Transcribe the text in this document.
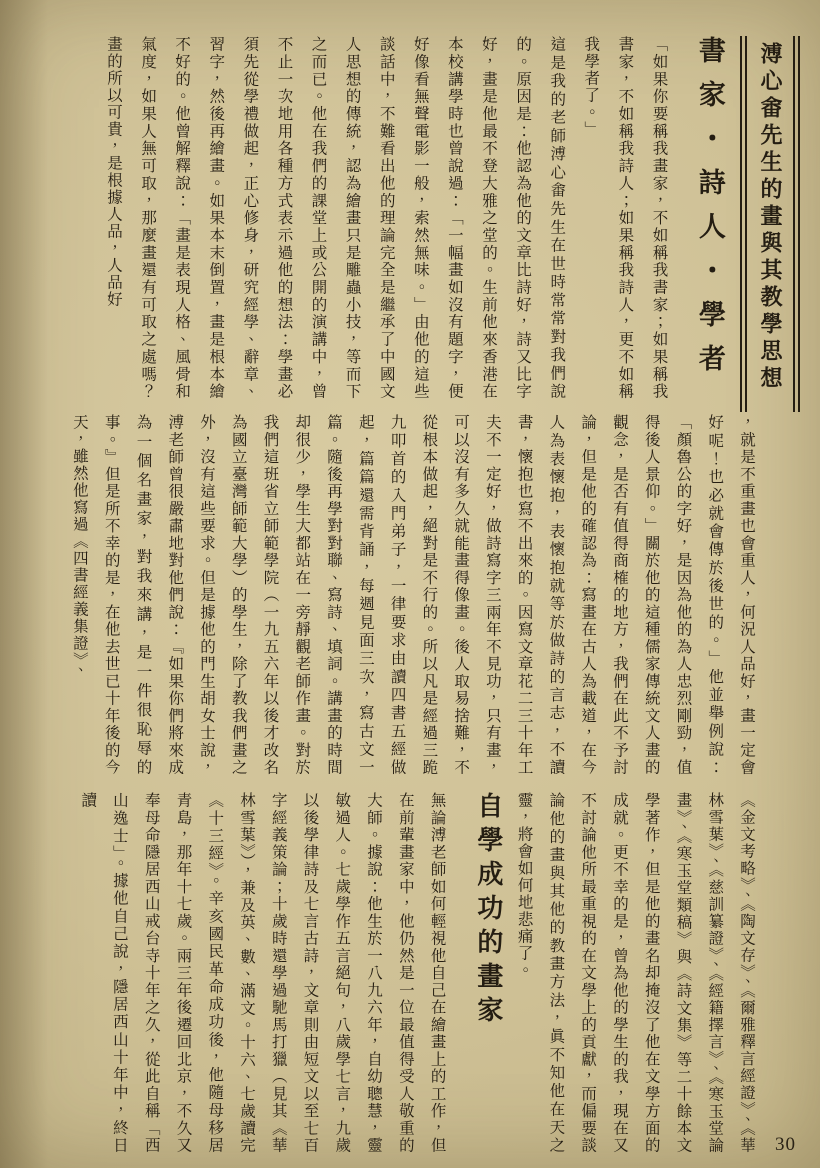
溥心畬先生的畫與其教學思想
書家・詩人・學者

「如果你要稱我畫家，不如稱我書家；如果稱我書家，不如稱我詩人；如果稱我詩人，更不如稱我學者了。」

這是我的老師溥心畬先生在世時常常對我們說的。原因是：他認為他的文章比詩好，詩又比字好，畫是他最不登大雅之堂的。生前他來香港在本校講學時也曾說過：「一幅畫如沒有題字，便好像看無聲電影一般，索然無味。」由他的這些談話中，不難看出他的理論完全是繼承了中國文人思想的傳統，認為繪畫只是雕蟲小技，等而下之而已。他在我們的課堂上或公開的演講中，曾不止一次地用各種方式表示過他的想法：學畫必須先從學禮做起，正心修身，研究經學、辭章、習字，然後再繪畫。如果本末倒置，畫是根本繪不好的。他曾解釋說：「畫是表現人格、風骨和氣度，如果人無可取，那麼畫還有可取之處嗎？畫的所以可貴，是根據人品，人品好

，就是不重畫也會重人，何況人品好，畫一定會好呢！也必就會傳於後世的。」他並舉例說：「顏魯公的字好，是因為他的為人忠烈剛勁，值得後人景仰。」關於他的這種儒家傳統文人畫的觀念，是否有值得商榷的地方，我們在此不予討論，但是他的確認為：寫畫在古人為載道，在今人為表懷抱，表懷抱就等於做詩的言志，不讀書，懷抱也寫不出來的。因寫文章花二三十年工夫不一定好，做詩寫字三兩年不見功，只有畫，可以沒有多久就能畫得像畫。後人取易捨難，不從根本做起，絕對是不行的。所以凡是經過三跪九叩首的入門弟子，一律要求由讀四書五經做起，篇篇還需背誦，每週見面三次，寫古文一篇。隨後再學對對聯、寫詩、填詞。講畫的時間却很少，學生大都站在一旁靜觀老師作畫。對於我們這班省立師範學院（一九五六年以後才改名為國立臺灣師範大學）的學生，除了教我們畫之外，沒有這些要求。但是據他的門生胡女士說，溥老師曾很嚴肅地對他們說：『如果你們將來成為一個名畫家，對我來講，是一件很恥辱的事。』但是所不幸的是，在他去世已十年後的今天，雖然他寫過《四書經義集證》、

《金文考略》、《陶文存》、《爾雅釋言經證》、《華林雪葉》、《慈訓纂證》、《經籍擇言》、《寒玉堂論畫》、《寒玉堂類稿》與《詩文集》等二十餘本文學著作，但是他的畫名却掩沒了他在文學方面的成就。更不幸的是，曾為他的學生的我，現在又不討論他所最重視的在文學上的貢獻，而偏要談論他的畫與其他的教畫方法，眞不知他在天之靈，將會如何地悲痛了。

自學成功的畫家

無論溥老師如何輕視他自己在繪畫上的工作，但在前輩畫家中，他仍然是一位最值得受人敬重的大師。據說：他生於一八九六年，自幼聰慧，靈敏過人。七歲學作五言絕句，八歲學七言，九歲以後學律詩及七言古詩，文章則由短文以至七百字經義策論；十歲時還學過馳馬打獵（見其《華林雪葉》），兼及英、數、滿文。十六、七歲讀完《十三經》。辛亥國民革命成功後，他隨母移居青島，那年十七歲。兩三年後遷回北京，不久又奉母命隱居西山戒台寺十年之久，從此自稱「西山逸士」。據他自己說，隱居西山十年中，終日讀

30
